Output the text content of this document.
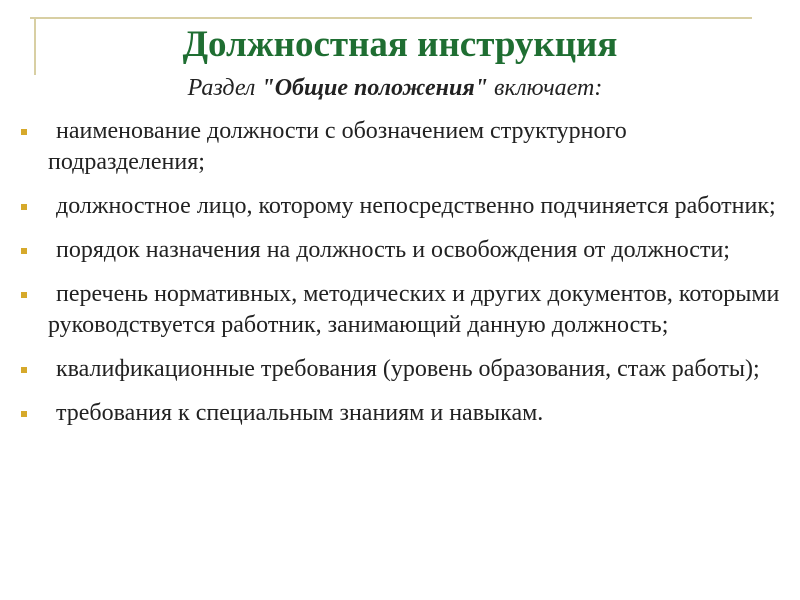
Должностная инструкция

Раздел "Общие положения" включает:

наименование должности с обозначением структурного подразделения;
должностное лицо, которому непосредственно подчиняется работник;
порядок назначения на должность и освобождения от должности;
перечень нормативных, методических и других документов, которыми руководствуется работник, занимающий данную должность;
квалификационные требования (уровень образования, стаж работы);
требования к специальным знаниям и навыкам.
